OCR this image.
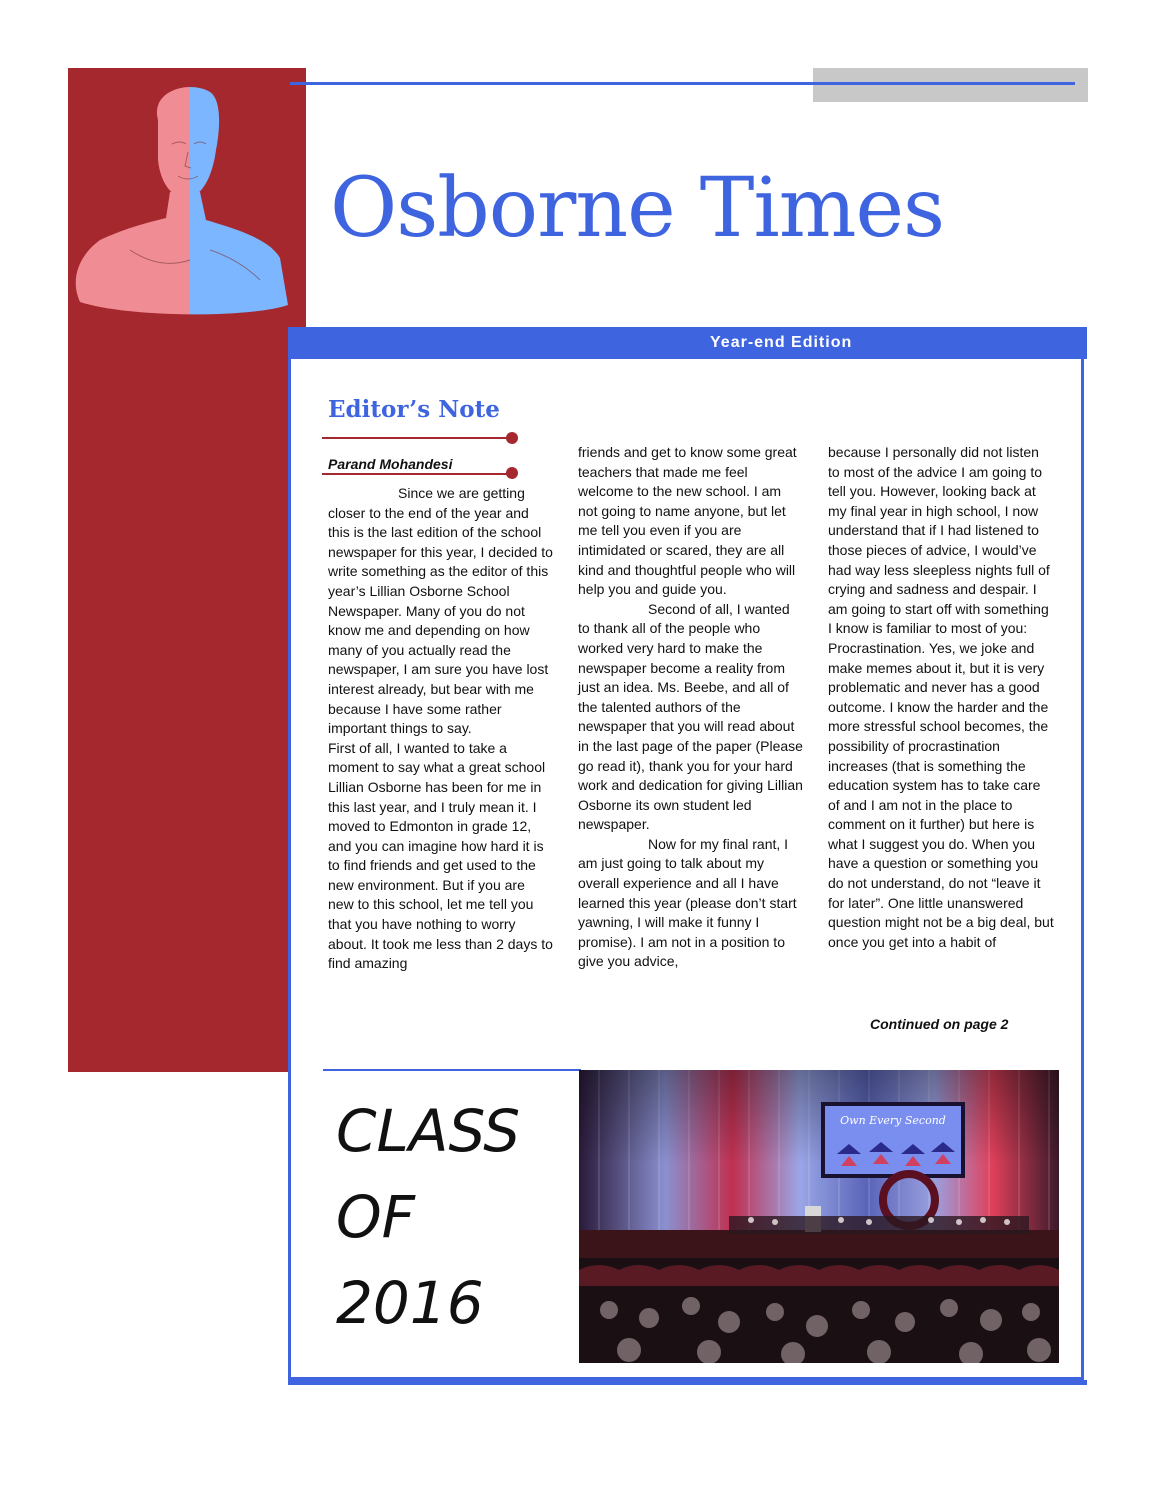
Osborne Times
Year-end Edition
Editor’s Note
Parand Mohandesi

Since we are getting closer to the end of the year and this is the last edition of the school newspaper for this year, I decided to write something as the editor of this year’s Lillian Osborne School Newspaper. Many of you do not know me and depending on how many of you actually read the newspaper, I am sure you have lost interest already, but bear with me because I have some rather important things to say.

First of all, I wanted to take a moment to say what a great school Lillian Osborne has been for me in this last year, and I truly mean it. I moved to Edmonton in grade 12, and you can imagine how hard it is to find friends and get used to the new environment. But if you are new to this school, let me tell you that you have nothing to worry about. It took me less than 2 days to find amazing

friends and get to know some great teachers that made me feel welcome to the new school. I am not going to name anyone, but let me tell you even if you are intimidated or scared, they are all kind and thoughtful people who will help you and guide you.

Second of all, I wanted to thank all of the people who worked very hard to make the newspaper become a reality from just an idea. Ms. Beebe, and all of the talented authors of the newspaper that you will read about in the last page of the paper (Please go read it), thank you for your hard work and dedication for giving Lillian Osborne its own student led newspaper.

Now for my final rant, I am just going to talk about my overall experience and all I have learned this year (please don’t start yawning, I will make it funny I promise). I am not in a position to give you advice,

because I personally did not listen to most of the advice I am going to tell you. However, looking back at my final year in high school, I now understand that if I had listened to those pieces of advice, I would’ve had way less sleepless nights full of crying and sadness and despair. I am going to start off with something I know is familiar to most of you: Procrastination. Yes, we joke and make memes about it, but it is very problematic and never has a good outcome. I know the harder and the more stressful school becomes, the possibility of procrastination increases (that is something the education system has to take care of and I am not in the place to comment on it further) but here is what I suggest you do. When you have a question or something you do not understand, do not “leave it for later”. One little unanswered question might not be a big deal, but once you get into a habit of

Continued on page 2
CLASS
OF
2016
Own Every Second
